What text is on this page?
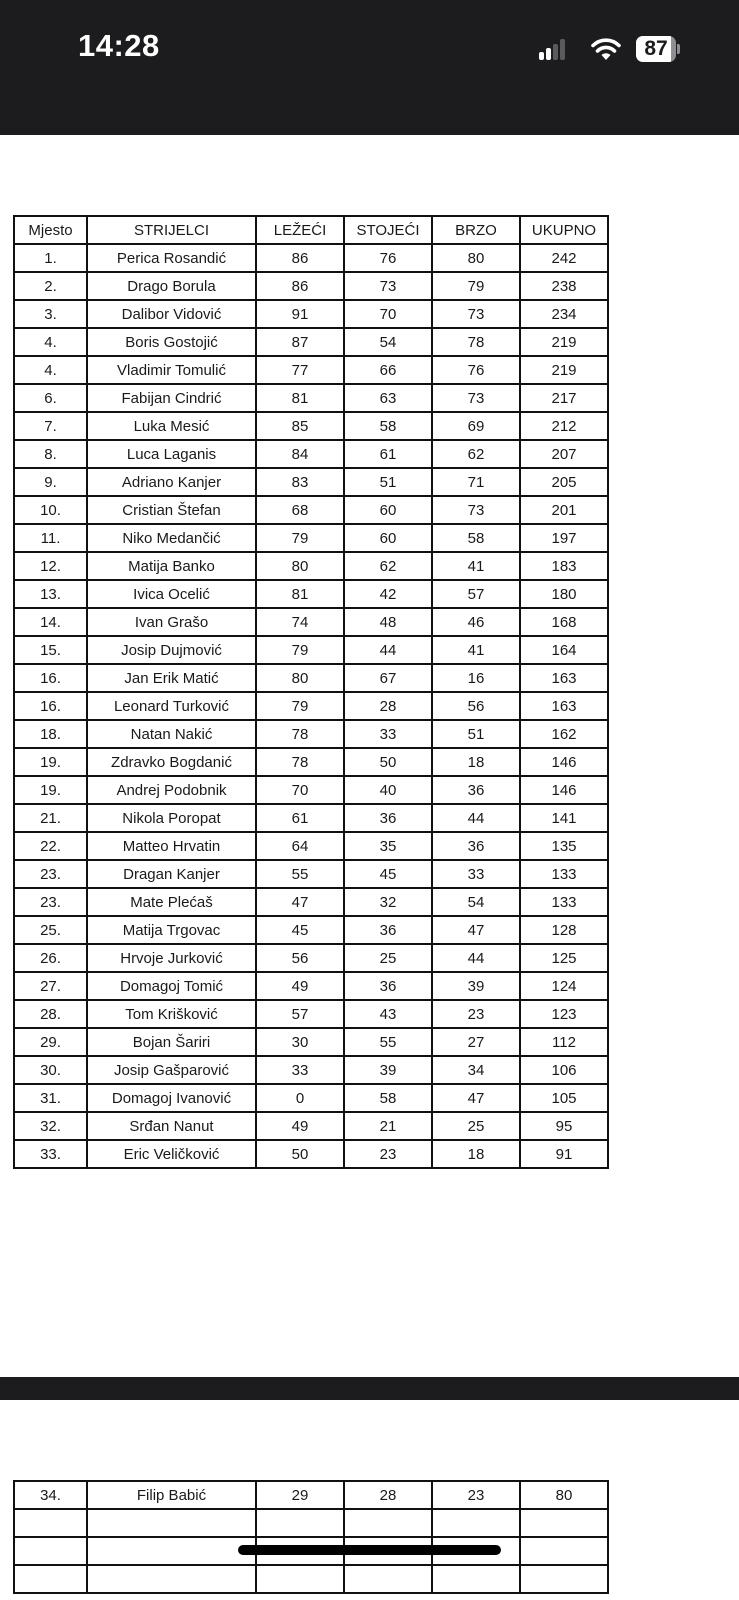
14:28	87
Mjesto	STRIJELCI	LEŽEĆI	STOJEĆI	BRZO	UKUPNO
1.	Perica Rosandić	86	76	80	242
2.	Drago Borula	86	73	79	238
3.	Dalibor Vidović	91	70	73	234
4.	Boris Gostojić	87	54	78	219
4.	Vladimir Tomulić	77	66	76	219
6.	Fabijan Cindrić	81	63	73	217
7.	Luka Mesić	85	58	69	212
8.	Luca Laganis	84	61	62	207
9.	Adriano Kanjer	83	51	71	205
10.	Cristian Štefan	68	60	73	201
11.	Niko Medančić	79	60	58	197
12.	Matija Banko	80	62	41	183
13.	Ivica Ocelić	81	42	57	180
14.	Ivan Grašo	74	48	46	168
15.	Josip Dujmović	79	44	41	164
16.	Jan Erik Matić	80	67	16	163
16.	Leonard Turković	79	28	56	163
18.	Natan Nakić	78	33	51	162
19.	Zdravko Bogdanić	78	50	18	146
19.	Andrej Podobnik	70	40	36	146
21.	Nikola Poropat	61	36	44	141
22.	Matteo Hrvatin	64	35	36	135
23.	Dragan Kanjer	55	45	33	133
23.	Mate Plećaš	47	32	54	133
25.	Matija Trgovac	45	36	47	128
26.	Hrvoje Jurković	56	25	44	125
27.	Domagoj Tomić	49	36	39	124
28.	Tom Krišković	57	43	23	123
29.	Bojan Šariri	30	55	27	112
30.	Josip Gašparović	33	39	34	106
31.	Domagoj Ivanović	0	58	47	105
32.	Srđan Nanut	49	21	25	95
33.	Eric Veličković	50	23	18	91
34.	Filip Babić	29	28	23	80
